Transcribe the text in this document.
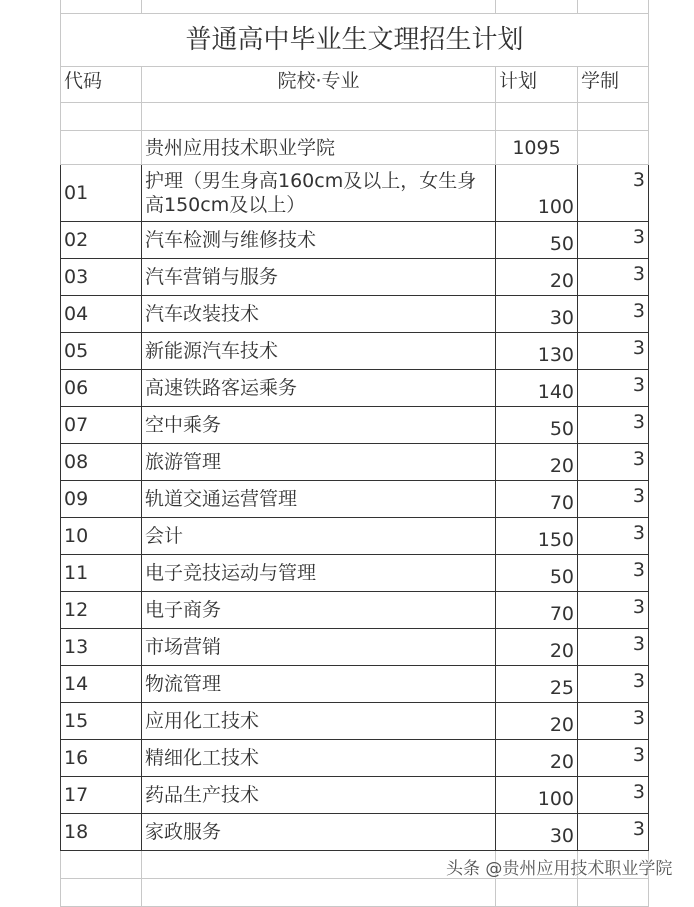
普通高中毕业生文理招生计划			
代码	院校·专业	计划	学制

	贵州应用技术职业学院	1095	
01	护理（男生身高160cm及以上，女生身高150cm及以上）	100	3
02	汽车检测与维修技术	50	3
03	汽车营销与服务	20	3
04	汽车改装技术	30	3
05	新能源汽车技术	130	3
06	高速铁路客运乘务	140	3
07	空中乘务	50	3
08	旅游管理	20	3
09	轨道交通运营管理	70	3
10	会计	150	3
11	电子竞技运动与管理	50	3
12	电子商务	70	3
13	市场营销	20	3
14	物流管理	25	3
15	应用化工技术	20	3
16	精细化工技术	20	3
17	药品生产技术	100	3
18	家政服务	30	3

头条 @贵州应用技术职业学院
